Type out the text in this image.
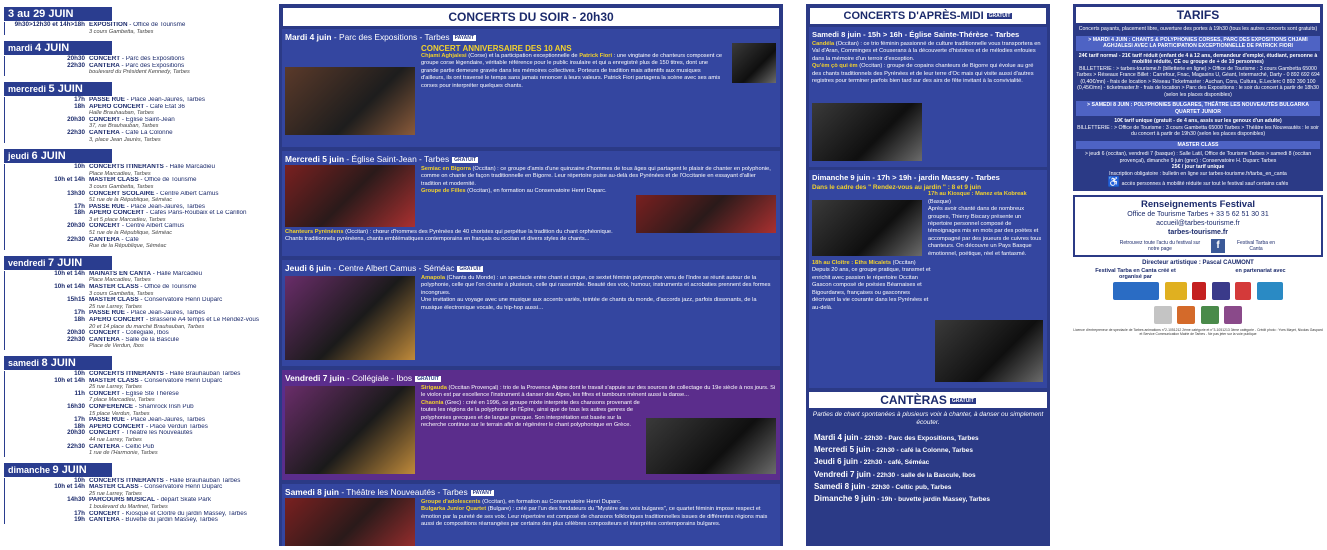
3 au 29 JUIN
9h30>12h30 et 14h>18h EXPOSITION - Office de Tourisme
3 cours Gambetta, Tarbes
mardi 4 JUIN
20h30 CONCERT - Parc des Expositions
22h30 CANTÈRA - Parc des Expositions
boulevard du Président Kennedy, Tarbes
mercredi 5 JUIN
17h PASSE RUE - Place Jean-Jaurès, Tarbes
18h APÉRO CONCERT - Café Etat 36
Halle Brauhauban, Tarbes
20h30 CONCERT - Eglise Saint-Jean
37, rue Brauhauban, Tarbes
22h30 CANTÈRA - Café La Colonne
3, place Jean Jaurès, Tarbes
jeudi 6 JUIN
10h CONCERTS ITINÉRANTS - Halle Marcadieu
Place Marcadieu, Tarbes
10h et 14h MASTER CLASS - Office de Tourisme
3 cours Gambetta, Tarbes
13h30 CONCERT SCOLAIRE - Centre Albert Camus
51 rue de la République, Séméac
17h PASSE RUE - Place Jean-Jaurès, Tarbes
18h APÉRO CONCERT - Cafés Paris-Roubaix et Le Carillon
3 et 5 place Marcadieu, Tarbes
20h30 CONCERT - Centre Albert Camus
51 rue de la République, Séméac
22h30 CANTÈRA - Café
Rue de la République, Séméac
vendredi 7 JUIN
10h et 14h MAINATS EN CANTA - Halle Marcadieu
Place Marcadieu, Tarbes
10h et 14h MASTER CLASS - Office de Tourisme
3 cours Gambetta, Tarbes
15h15 MASTER CLASS - Conservatoire Henri Duparc
25 rue Larrey, Tarbes
17h PASSE RUE - Place Jean-Jaurès, Tarbes
18h APÉRO CONCERT - Brasserie A4 temps et Le Rendez-vous
20 et 14 place du marché Brauhauban, Tarbes
20h30 CONCERT - Collégiale, Ibos
22h30 CANTÈRA - Salle de la Bascule
Place de Verdun, Ibos
samedi 8 JUIN
10h CONCERTS ITINÉRANTS - Halle Brauhauban Tarbes
10h et 14h MASTER CLASS - Conservatoire Henri Duparc
25 rue Larrey, Tarbes
11h CONCERT - Eglise Ste Thérèse
7 place Marcadieu, Tarbes
16h30 CONFÉRENCE - Shamrock Irish Pub
15 place Verdun, Tarbes
17h PASSE RUE - Place Jean-Jaurès, Tarbes
18h APÉRO CONCERT - Place Verdun Tarbes
20h30 CONCERT - Théâtre les Nouveautés
44 rue Larrey, Tarbes
22h30 CANTÈRA - Celtic Pub
1 rue de l'Harmonie, Tarbes
dimanche 9 JUIN
10h CONCERTS ITINÉRANTS - Halle Brauhauban Tarbes
10h et 14h MASTER CLASS - Conservatoire Henri Duparc
25 rue Larrey, Tarbes
14h30 PARCOURS MUSICAL - départ Skate Park
1 boulevard du Martinet, Tarbes
17h CONCERT - Kiosque et Cloître du jardin Massey, Tarbes
19h CANTÈRA - Buvette du jardin Massey, Tarbes
CONCERTS DU SOIR - 20h30
Mardi 4 juin - Parc des Expositions - Tarbes PAYANT
CONCERT ANNIVERSAIRE DES 10 ANS
Chjami Aghjalesi (Corse) et la participation exceptionnelle de Patrick Fiori : une vingtaine de chanteurs composent ce groupe corse légendaire, véritable référence pour le public insulaire et qui a enregistré plus de 150 titres, dont une grande partie demeure gravée dans les mémoires collectives. Porteurs de tradition mais attentifs aux musiques d'ailleurs, ils ont traversé le temps sans jamais renoncer à leurs valeurs. Patrick Fiori partagera la scène avec ses amis corses pour interpréter quelques chants.
Mercredi 5 juin - Église Saint-Jean - Tarbes GRATUIT
Semiac en Bigorra (Occitan) : ce groupe d'amis d'une quinzaine d'hommes de tous âges qui partagent le plaisir de chanter en polyphonie, comme on chante de façon traditionnelle en Bigorre. Leur répertoire puise au-delà des Pyrénées et de l'Occitanie en essayant d'allier tradition et modernité.
Groupe de Filles (Occitan), en formation au Conservatoire Henri Duparc.
Chanteurs Pyrénéens (Occitan) : chœur d'hommes des Pyrénées de 40 choristes qui perpétue la tradition du chant orphéonique. Chants traditionnels pyrénéens, chants emblématiques contemporains en français ou occitan et divers styles de chants...
Jeudi 6 juin - Centre Albert Camus - Séméac GRATUIT
Amapola (Chants du Monde) : un spectacle entre chant et cirque, ce sextet féminin polymorphe venu de l'Indre se réunit autour de la polyphonie, celle que l'on chante à plusieurs, celle qui rassemble. Beauté des voix, humour, instruments et acrobaties prennent des formes incongrues.
Une invitation au voyage avec une musique aux accents variés, teintée de chants du monde, d'accords jazz, parfois dissonants, de la musique électronique vocale, du hip-hop aussi…
Vendredi 7 juin - Collégiale - Ibos GRATUIT
Sirigauda (Occitan Provençal) : trio de la Provence Alpine dont le travail s'appuie sur des sources de collectage du 19e siècle à nos jours. Si le violon est par excellence l'instrument à danser des Alpes, les fifres et tambours mènent aussi la danse...
Chaonia (Grec) : créé en 1996, ce groupe mixte interprète des chansons provenant de toutes les régions de la polyphonie de l'Épire, ainsi que de tous les autres genres de polyphonies grecques et de langue grecque. Son interprétation est basée sur la recherche continue sur le terrain afin de régénérer le chant polyphonique en Grèce.
Samedi 8 juin - Théâtre les Nouveautés - Tarbes PAYANT
Groupe d'adolescents (Occitan), en formation au Conservatoire Henri Duparc.
Bulgarka Junior Quartet (Bulgare) : créé par l'un des fondateurs du "Mystère des voix bulgares", ce quartet féminin impose respect et émotion par la pureté de ses voix. Leur répertoire est composé de chansons folkloriques traditionnelles issues de différentes régions mais aussi de compositions réarrangées par certains des plus célèbres compositeurs et interprètes contemporains bulgares.
CONCERTS D'APRÈS-MIDI GRATUIT
Samedi 8 juin - 15h > 16h - Église Sainte-Thérèse - Tarbes
Candéla (Occitan) : ce trio féminin passionné de culture traditionnelle vous transportera en Val d'Aran, Comminges et Couserans à la découverte d'histoires et de mélodies enfouies dans la mémoire d'un terroir d'exception.
Qu'èm çò qui èm (Occitan) : groupe de copains chanteurs de Bigorre qui évolue au gré des chants traditionnels des Pyrénées et de leur terre d'Oc mais qui visite aussi d'autres registres pour terminer parfois bien tard sur des airs de fête invitant à la convivialité.
Dimanche 9 juin - 17h > 19h - jardin Massey - Tarbes
Dans le cadre des " Rendez-vous au jardin " : 8 et 9 juin
17h au Kiosque : Manez eta Kobreak (Basque)
Après avoir chanté dans de nombreux groupes, Thierry Biscary présente un répertoire personnel composé de témoignages mis en mots par des poètes et accompagné par des joueurs de cuivres tous chanteurs. On découvre un Pays Basque émotionnel, poétique, réel et fantasmé.
18h au Cloître : Eths Micalets (Occitan)
Depuis 20 ans, ce groupe pratique, transmet et enrichit avec passion le répertoire Occitan Gascon composé de poésies Béarnaises et Bigourdanes, françaises ou gasconnes décrivant la vie courante dans les Pyrénées et au-delà.
CANTÈRAS GRATUIT
Parties de chant spontanées à plusieurs voix à chanter, à danser ou simplement écouter.
Mardi 4 juin - 22h30 - Parc des Expositions, Tarbes
Mercredi 5 juin - 22h30 - café la Colonne, Tarbes
Jeudi 6 juin - 22h30 - café, Séméac
Vendredi 7 juin - 22h30 - salle de la Bascule, Ibos
Samedi 8 juin - 22h30 - Celtic pub, Tarbes
Dimanche 9 juin - 19h - buvette jardin Massey, Tarbes
TARIFS

Concerts payants, placement libre, ouverture des portes à 19h30 (tous les autres concerts sont gratuits)

> MARDI 4 JUIN : CHANTS & POLYPHONIES CORSES, PARC DES EXPOSITIONS CHJAMI AGHJALESI AVEC LA PARTICIPATION EXCEPTIONNELLE DE PATRICK FIORI

24€ tarif normal - 21€ tarif réduit (enfant de 4 à 12 ans, demandeur d'emploi, étudiant, personne à mobilité réduite, CE ou groupe de + de 10 personnes)

BILLETTERIE : > tarbes-tourisme.fr (billetterie en ligne) > Office de Tourisme : 3 cours Gambetta 65000 Tarbes > Réseaux France Billet : Carrefour, Fnac, Magasins U, Géant, Intermarché, Darty - 0 892 692 694 (0,40€/mn) - frais de location > Réseau Ticketmaster : Auchan, Cora, Cultura, E.Leclerc 0 892 390 100 (0,45€/mn) - ticketmaster.fr - frais de location > Parc des Expositions : le soir du concert à partir de 18h30 (selon les places disponibles)

> SAMEDI 8 JUIN : POLYPHONIES BULGARES, THÉÂTRE LES NOUVEAUTÉS BULGARKA QUARTET JUNIOR

10€ tarif unique (gratuit - de 4 ans, assis sur les genoux d'un adulte)

BILLETTERIE : > Office de Tourisme : 3 cours Gambetta 65000 Tarbes > Théâtre les Nouveautés : le soir du concert à partir de 19h30 (selon les places disponibles)

MASTER CLASS

> jeudi 6 (occitan), vendredi 7 (basque) : Salle Latil, Office de Tourisme Tarbes > samedi 8 (occitan provençal), dimanche 9 juin (grec) : Conservatoire H. Duparc Tarbes

25€ / jour tarif unique

Inscription obligatoire : bulletin en ligne sur tarbes-tourisme.fr/tarba_en_canta

♿ accès personnes à mobilité réduite sur tout le festival sauf certains cafés

Renseignements Festival

Office de Tourisme Tarbes + 33 5 62 51 30 31

accueil@tarbes-tourisme.fr

tarbes-tourisme.fr

Retrouvez toute l'actu du festival sur notre page	f	Festival Tarba en Canta
Directeur artistique : Pascal CAUMONT
Festival Tarba en Canta créé et organisé par
en partenariat avec

Licence d'entrepreneur de spectacle de Tarbes animations n°2-1051212 2ème catégorie et n°3-1051213 3ème catégorie - Crédit photo : Yves Mayet, Nicolas Gaspard et Service Communication Mairie de Tarbes - Ne pas jeter sur la voie publique
